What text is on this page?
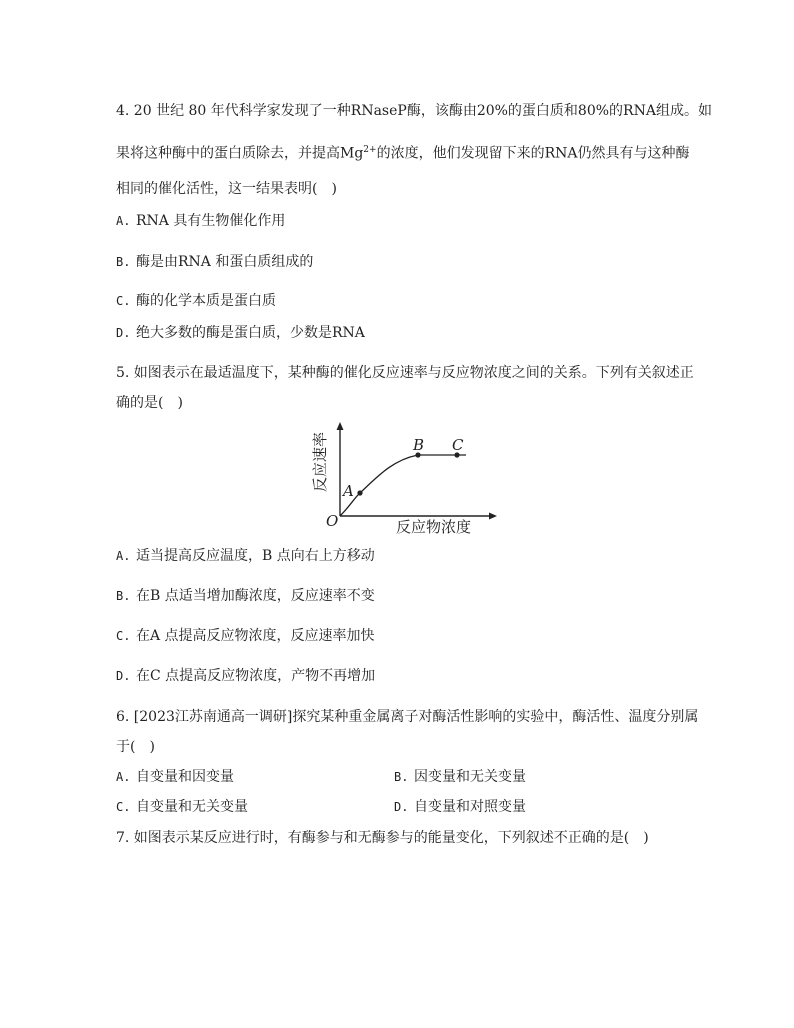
4. 20 世纪 80 年代科学家发现了一种RNaseP酶，该酶由20%的蛋白质和80%的RNA组成。如
果将这种酶中的蛋白质除去，并提高$Mg^{2+}$的浓度，他们发现留下来的RNA仍然具有与这种酶
相同的催化活性，这一结果表明(　)
A. RNA 具有生物催化作用
B. 酶是由RNA 和蛋白质组成的
C. 酶的化学本质是蛋白质
D. 绝大多数的酶是蛋白质，少数是RNA
5. 如图表示在最适温度下，某种酶的催化反应速率与反应物浓度之间的关系。下列有关叙述正
确的是(　)
A
B C
O	反应物浓度
反应速率
A. 适当提高反应温度，B 点向右上方移动
B. 在B 点适当增加酶浓度，反应速率不变
C. 在A 点提高反应物浓度，反应速率加快
D. 在C 点提高反应物浓度，产物不再增加
6. [2023江苏南通高一调研]探究某种重金属离子对酶活性影响的实验中，酶活性、温度分别属
于(　)
A. 自变量和因变量	B. 因变量和无关变量
C. 自变量和无关变量	D. 自变量和对照变量
7. 如图表示某反应进行时，有酶参与和无酶参与的能量变化，下列叙述不正确的是(　)
